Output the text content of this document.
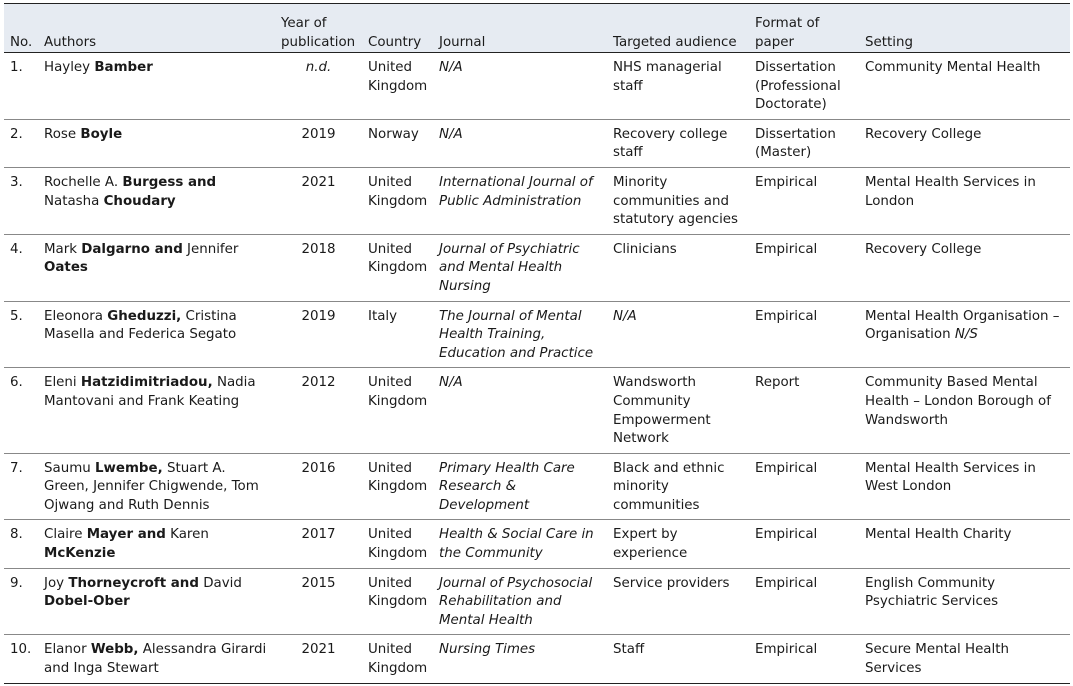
No.	Authors	Year of publication	Country	Journal	Targeted audience	Format of paper	Setting
1.	Hayley Bamber	n.d.	United Kingdom	N/A	NHS managerial staff	Dissertation (Professional Doctorate)	Community Mental Health
2.	Rose Boyle	2019	Norway	N/A	Recovery college staff	Dissertation (Master)	Recovery College
3.	Rochelle A. Burgess and Natasha Choudary	2021	United Kingdom	International Journal of Public Administration	Minority communities and statutory agencies	Empirical	Mental Health Services in London
4.	Mark Dalgarno and Jennifer Oates	2018	United Kingdom	Journal of Psychiatric and Mental Health Nursing	Clinicians	Empirical	Recovery College
5.	Eleonora Gheduzzi, Cristina Masella and Federica Segato	2019	Italy	The Journal of Mental Health Training, Education and Practice	N/A	Empirical	Mental Health Organisation – Organisation N/S
6.	Eleni Hatzidimitriadou, Nadia Mantovani and Frank Keating	2012	United Kingdom	N/A	Wandsworth Community Empowerment Network	Report	Community Based Mental Health – London Borough of Wandsworth
7.	Saumu Lwembe, Stuart A. Green, Jennifer Chigwende, Tom Ojwang and Ruth Dennis	2016	United Kingdom	Primary Health Care Research & Development	Black and ethnic minority communities	Empirical	Mental Health Services in West London
8.	Claire Mayer and Karen McKenzie	2017	United Kingdom	Health & Social Care in the Community	Expert by experience	Empirical	Mental Health Charity
9.	Joy Thorneycroft and David Dobel-Ober	2015	United Kingdom	Journal of Psychosocial Rehabilitation and Mental Health	Service providers	Empirical	English Community Psychiatric Services
10.	Elanor Webb, Alessandra Girardi and Inga Stewart	2021	United Kingdom	Nursing Times	Staff	Empirical	Secure Mental Health Services
